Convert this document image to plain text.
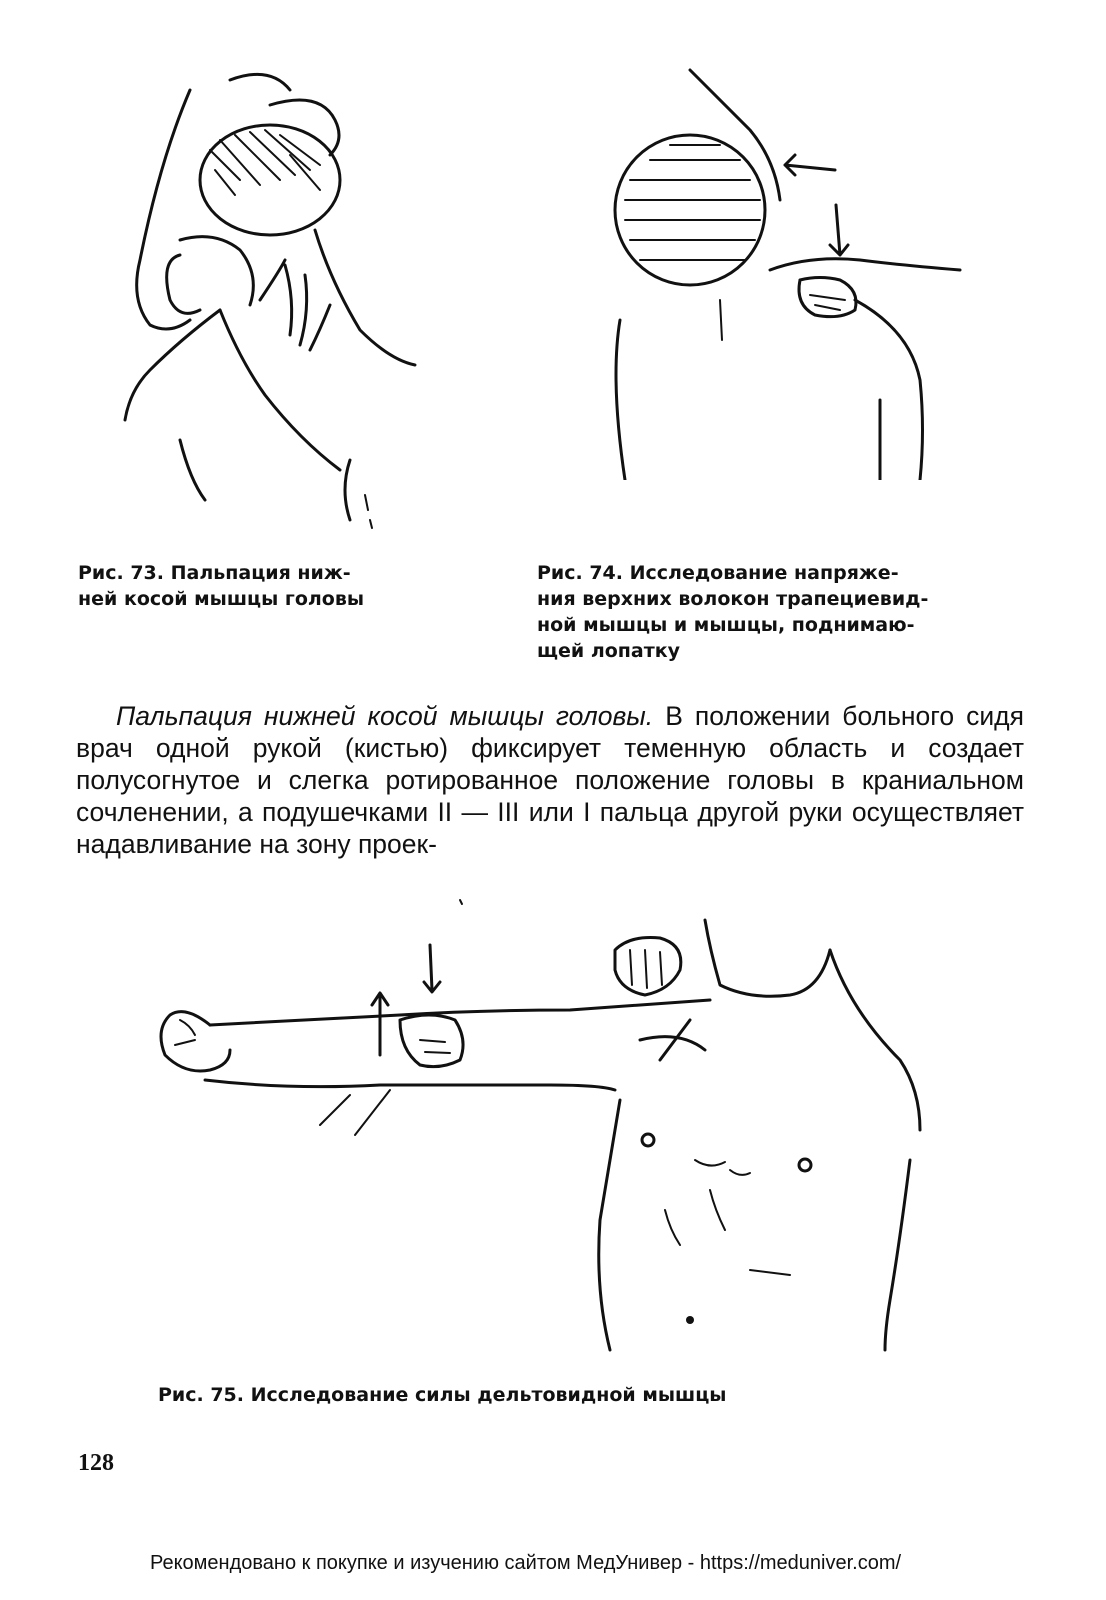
Рис. 73. Пальпация ниж-
ней косой мышцы головы

Рис. 74. Исследование напряже-
ния верхних волокон трапециевид-
ной мышцы и мышцы, поднимаю-
щей лопатку

Пальпация нижней косой мышцы головы. В положении больного сидя врач одной рукой (кистью) фиксирует теменную область и создает полусогнутое и слегка ротированное положение головы в краниальном сочленении, а подушечками II — III или I пальца другой руки осуществляет надавливание на зону проек-

Рис. 75. Исследование силы дельтовидной мышцы

128
Рекомендовано к покупке и изучению сайтом МедУнивер - https://meduniver.com/
